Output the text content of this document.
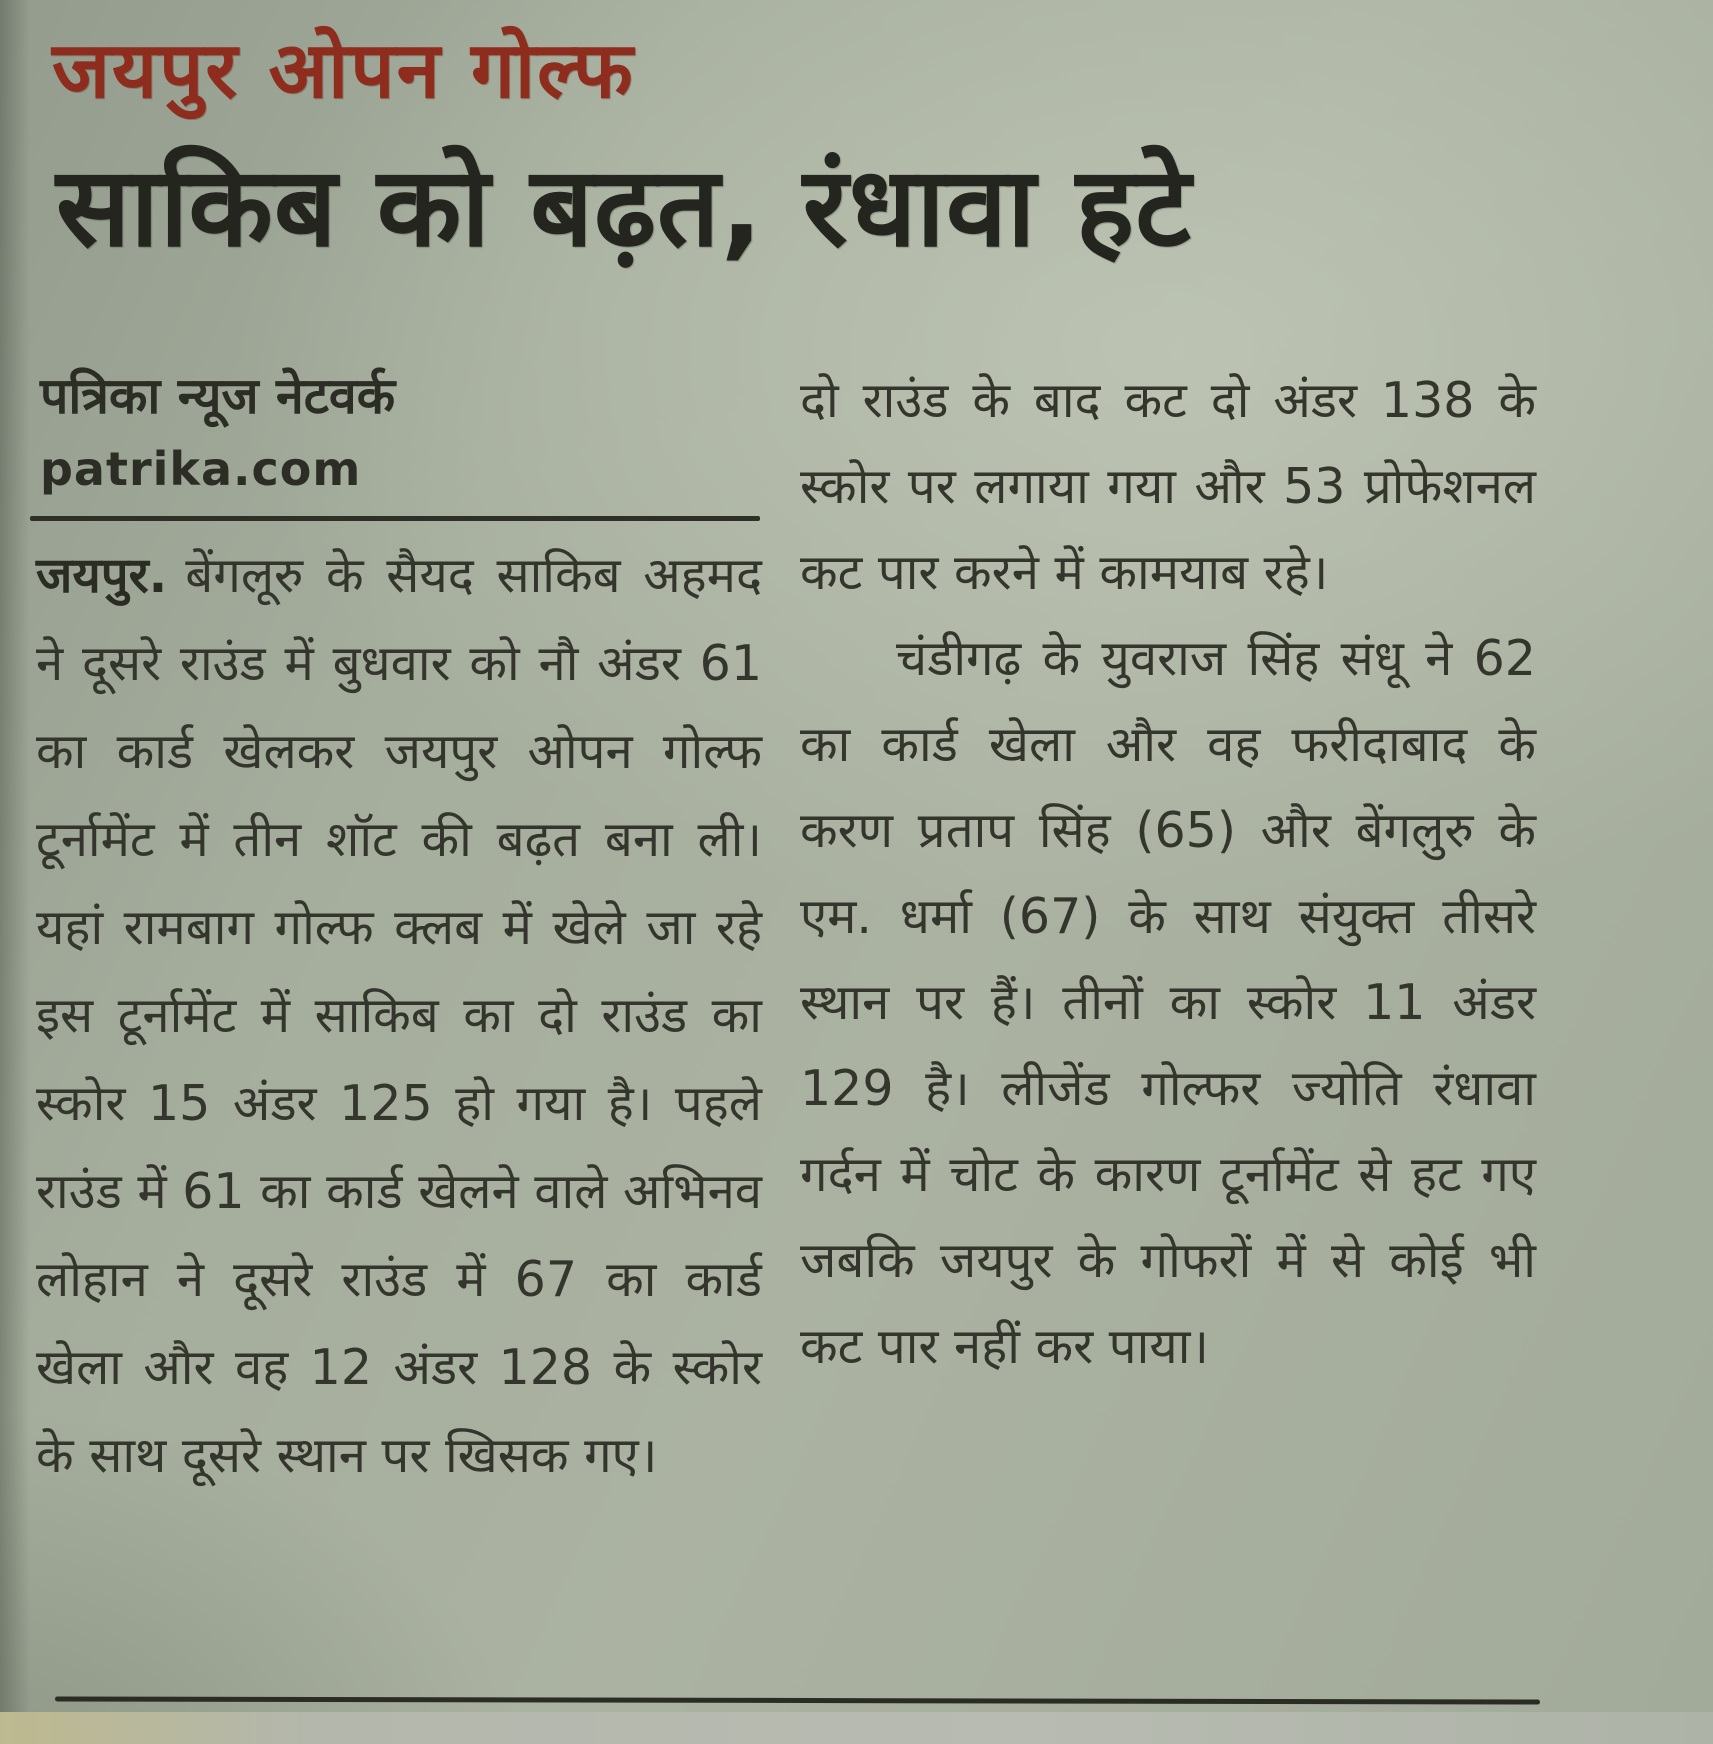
जयपुर ओपन गोल्फ
साकिब को बढ़त, रंधावा हटे
पत्रिका न्यूज नेटवर्क
patrika.com

जयपुर. बेंगलूरु के सैयद साकिब अहमद ने दूसरे राउंड में बुधवार को नौ अंडर 61 का कार्ड खेलकर जयपुर ओपन गोल्फ टूर्नामेंट में तीन शॉट की बढ़त बना ली। यहां रामबाग गोल्फ क्लब में खेले जा रहे इस टूर्नामेंट में साकिब का दो राउंड का स्कोर 15 अंडर 125 हो गया है। पहले राउंड में 61 का कार्ड खेलने वाले अभिनव लोहान ने दूसरे राउंड में 67 का कार्ड खेला और वह 12 अंडर 128 के स्कोर के साथ दूसरे स्थान पर खिसक गए।

दो राउंड के बाद कट दो अंडर 138 के स्कोर पर लगाया गया और 53 प्रोफेशनल कट पार करने में कामयाब रहे।

चंडीगढ़ के युवराज सिंह संधू ने 62 का कार्ड खेला और वह फरीदाबाद के करण प्रताप सिंह (65) और बेंगलुरु के एम. धर्मा (67) के साथ संयुक्त तीसरे स्थान पर हैं। तीनों का स्कोर 11 अंडर 129 है। लीजेंड गोल्फर ज्योति रंधावा गर्दन में चोट के कारण टूर्नामेंट से हट गए जबकि जयपुर के गोफरों में से कोई भी कट पार नहीं कर पाया।
